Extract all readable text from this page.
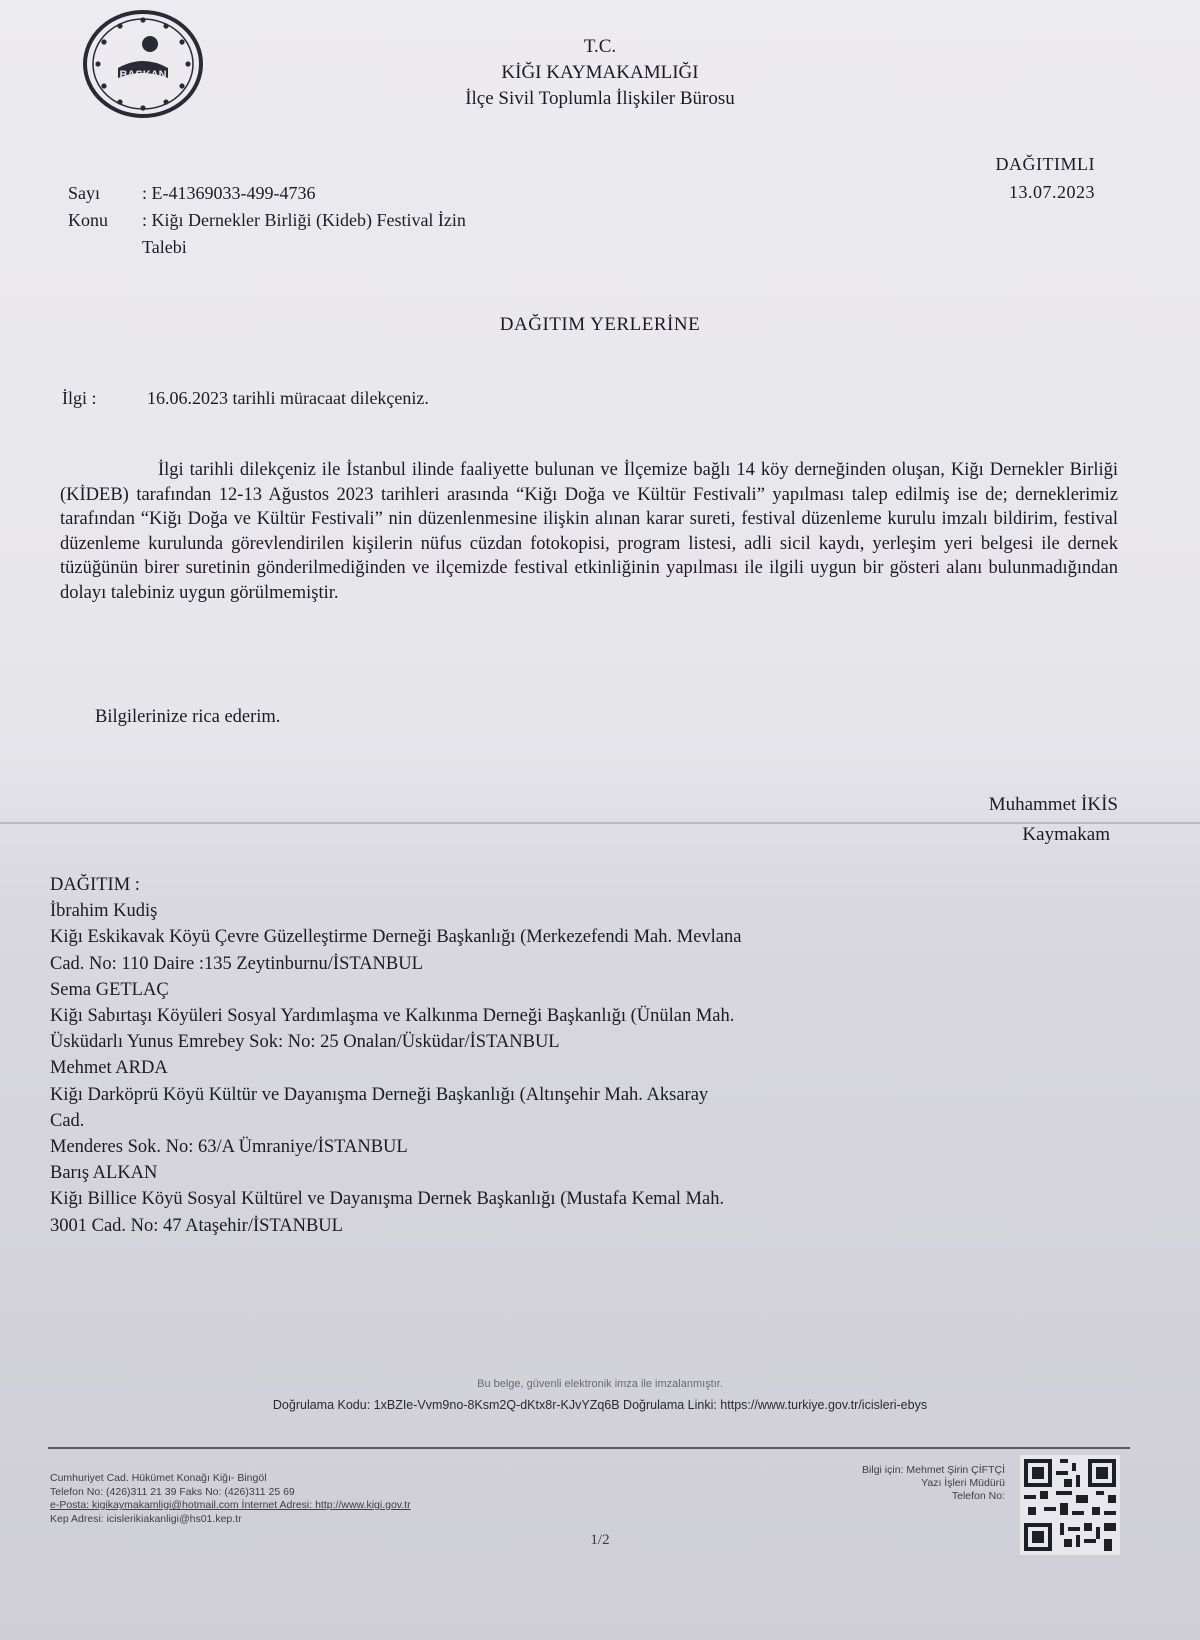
BAŞKAN
T.C.
KİĞI KAYMAKAMLIĞI
İlçe Sivil Toplumla İlişkiler Bürosu
DAĞITIMLI
13.07.2023
Sayı	: E-41369033-499-4736
Konu	: Kiğı Dernekler Birliği (Kideb) Festival İzin
Talebi
DAĞITIM YERLERİNE
İlgi :	16.06.2023 tarihli müracaat dilekçeniz.
İlgi tarihli dilekçeniz ile İstanbul ilinde faaliyette bulunan ve İlçemize bağlı 14 köy derneğinden oluşan, Kiğı Dernekler Birliği (KİDEB) tarafından 12-13 Ağustos 2023 tarihleri arasında “Kiğı Doğa ve Kültür Festivali” yapılması talep edilmiş ise de; derneklerimiz tarafından “Kiğı Doğa ve Kültür Festivali” nin düzenlenmesine ilişkin alınan karar sureti, festival düzenleme kurulu imzalı bildirim, festival düzenleme kurulunda görevlendirilen kişilerin nüfus cüzdan fotokopisi, program listesi, adli sicil kaydı, yerleşim yeri belgesi ile dernek tüzüğünün birer suretinin gönderilmediğinden ve ilçemizde festival etkinliğinin yapılması ile ilgili uygun bir gösteri alanı bulunmadığından dolayı talebiniz uygun görülmemiştir.
Bilgilerinize rica ederim.
Muhammet İKİS
Kaymakam
DAĞITIM :
İbrahim Kudiş
Kiğı Eskikavak Köyü Çevre Güzelleştirme Derneği Başkanlığı (Merkezefendi Mah. Mevlana
Cad. No: 110 Daire :135 Zeytinburnu/İSTANBUL
Sema GETLAÇ
Kiğı Sabırtaşı Köyüleri Sosyal Yardımlaşma ve Kalkınma Derneği Başkanlığı (Ünülan Mah.
Üsküdarlı Yunus Emrebey Sok: No: 25 Onalan/Üsküdar/İSTANBUL
Mehmet ARDA
Kiğı Darköprü Köyü Kültür ve Dayanışma Derneği Başkanlığı (Altınşehir Mah. Aksaray
Cad.
Menderes Sok. No: 63/A Ümraniye/İSTANBUL
Barış ALKAN
Kiğı Billice Köyü Sosyal Kültürel ve Dayanışma Dernek Başkanlığı (Mustafa Kemal Mah.
3001 Cad. No: 47 Ataşehir/İSTANBUL
Bu belge, güvenli elektronik imza ile imzalanmıştır.
Doğrulama Kodu: 1xBZIe-Vvm9no-8Ksm2Q-dKtx8r-KJvYZq6B Doğrulama Linki: https://www.turkiye.gov.tr/icisleri-ebys
Cumhuriyet Cad. Hükümet Konağı Kiğı- Bingöl
Telefon No: (426)311 21 39 Faks No: (426)311 25 69
e-Posta: kigikaymakamligi@hotmail.com İnternet Adresi: http://www.kigi.gov.tr
Kep Adresi: icislerikiakanligi@hs01.kep.tr
Bilgi için: Mehmet Şirin ÇİFTÇİ
Yazı İşleri Müdürü
Telefon No:
1/2
